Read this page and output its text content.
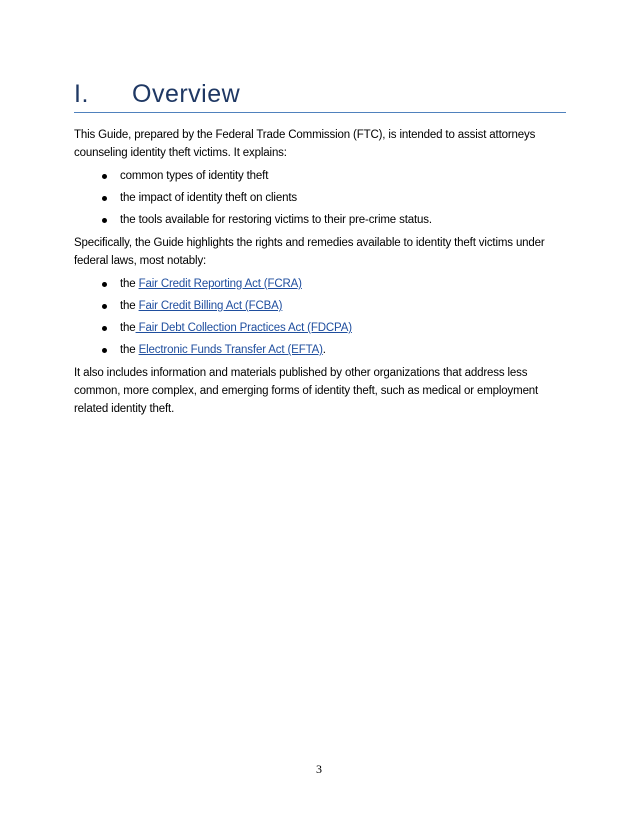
I. Overview

This Guide, prepared by the Federal Trade Commission (FTC), is intended to assist attorneys counseling identity theft victims. It explains:

common types of identity theft
the impact of identity theft on clients
the tools available for restoring victims to their pre-crime status.

Specifically, the Guide highlights the rights and remedies available to identity theft victims under federal laws, most notably:

the Fair Credit Reporting Act (FCRA)
the Fair Credit Billing Act (FCBA)
the Fair Debt Collection Practices Act (FDCPA)
the Electronic Funds Transfer Act (EFTA).

It also includes information and materials published by other organizations that address less common, more complex, and emerging forms of identity theft, such as medical or employment related identity theft.

3
